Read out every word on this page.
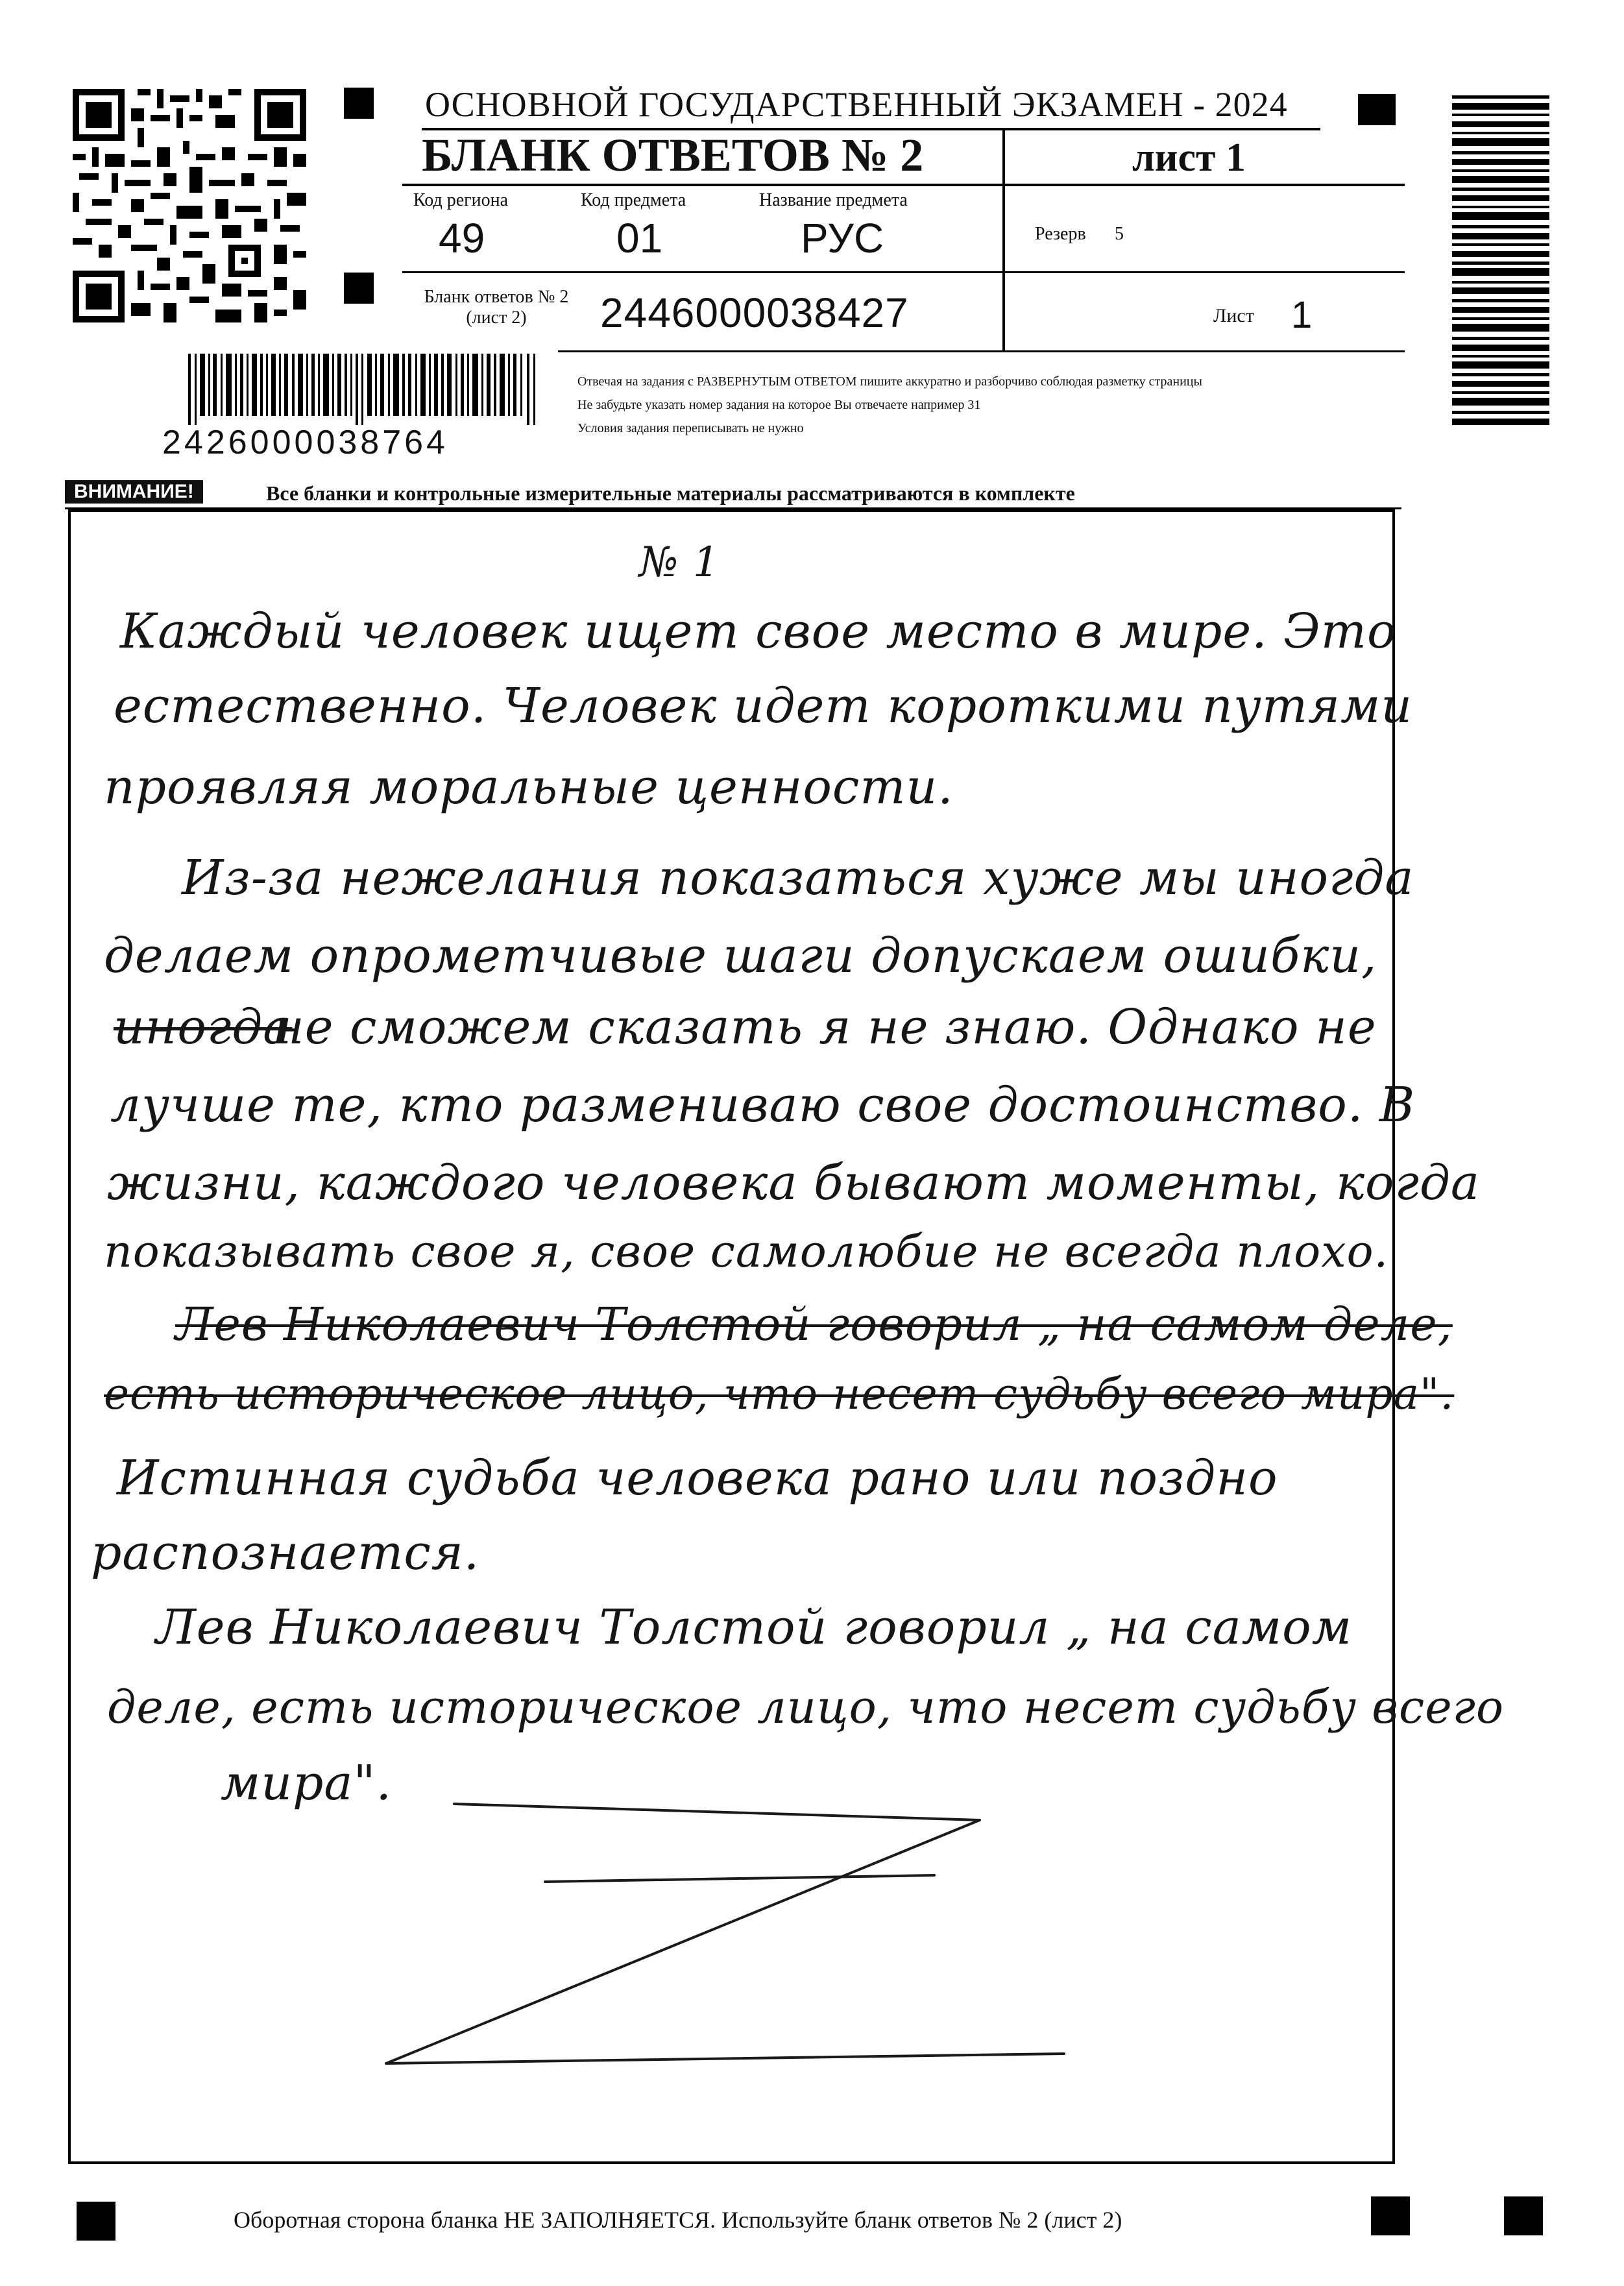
ОСНОВНОЙ ГОСУДАРСТВЕННЫЙ ЭКЗАМЕН - 2024
БЛАНК ОТВЕТОВ № 2	лист 1
Код региона
49
Код предмета
01
Название предмета
РУС	Резерв 5
Бланк ответов № 2
(лист 2)	2446000038427	Лист 1
2426000038764
Отвечая на задания с РАЗВЕРНУТЫМ ОТВЕТОМ пишите аккуратно и разборчиво соблюдая разметку страницы
Не забудьте указать номер задания на которое Вы отвечаете например 31
Условия задания переписывать не нужно
ВНИМАНИЕ!	Все бланки и контрольные измерительные материалы рассматриваются в комплекте
№ 1
Каждый человек ищет свое место в мире. Это
естественно. Человек идет короткими путями
проявляя моральные ценности.
Из-за нежелания показаться хуже мы иногда
делаем опрометчивые шаги допускаем ошибки,
иногда
не сможем сказать я не знаю. Однако не
лучше те, кто размениваю свое достоинство. В
жизни, каждого человека бывают моменты, когда
показывать свое я, свое самолюбие не всегда плохо.
Лев Николаевич Толстой говорил „ на самом деле,
есть историческое лицо, что несет судьбу всего мира".
Истинная судьба человека рано или поздно
распознается.
Лев Николаевич Толстой говорил „ на самом
деле, есть историческое лицо, что несет судьбу всего
мира".
Оборотная сторона бланка НЕ ЗАПОЛНЯЕТСЯ. Используйте бланк ответов № 2 (лист 2)
